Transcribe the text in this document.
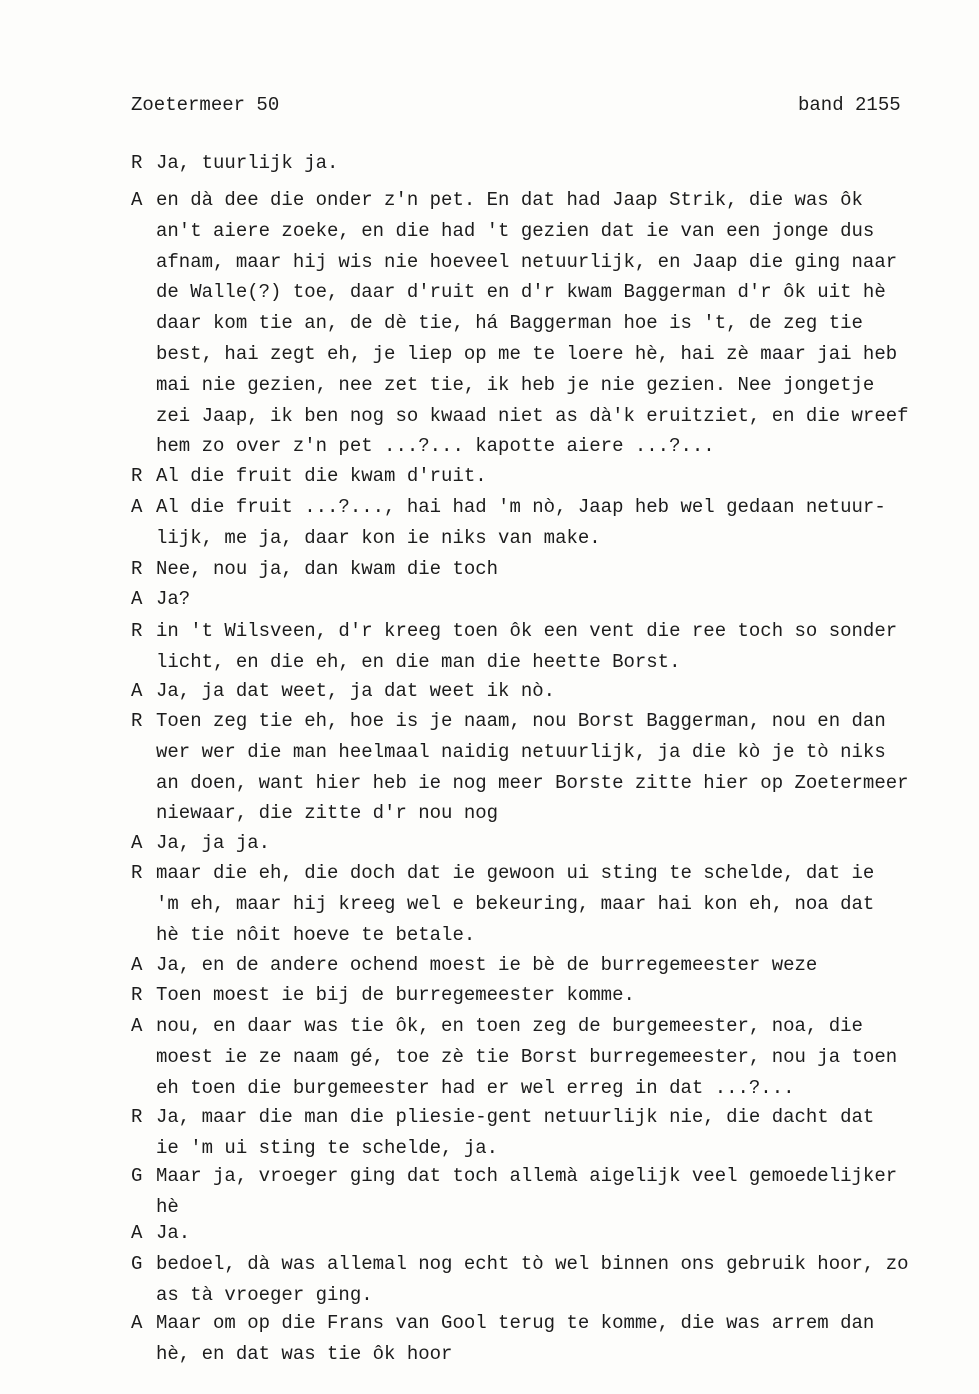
Zoetermeer 50	band 2155
R Ja, tuurlijk ja.
A en dà dee die onder z'n pet. En dat had Jaap Strik, die was ôk
an't aiere zoeke, en die had 't gezien dat ie van een jonge dus
afnam, maar hij wis nie hoeveel netuurlijk, en Jaap die ging naar
de Walle(?) toe, daar d'ruit en d'r kwam Baggerman d'r ôk uit hè
daar kom tie an, de dè tie, há Baggerman hoe is 't, de zeg tie
best, hai zegt eh, je liep op me te loere hè, hai zè maar jai heb
mai nie gezien, nee zet tie, ik heb je nie gezien. Nee jongetje
zei Jaap, ik ben nog so kwaad niet as dà'k eruitziet, en die wreef
hem zo over z'n pet ...?... kapotte aiere ...?...
R Al die fruit die kwam d'ruit.
A Al die fruit ...?..., hai had 'm nò, Jaap heb wel gedaan netuur-
lijk, me ja, daar kon ie niks van make.
R Nee, nou ja, dan kwam die toch
A Ja?
R in 't Wilsveen, d'r kreeg toen ôk een vent die ree toch so sonder
licht, en die eh, en die man die heette Borst.
A Ja, ja dat weet, ja dat weet ik nò.
R Toen zeg tie eh, hoe is je naam, nou Borst Baggerman, nou en dan
wer wer die man heelmaal naidig netuurlijk, ja die kò je tò niks
an doen, want hier heb ie nog meer Borste zitte hier op Zoetermeer
niewaar, die zitte d'r nou nog
A Ja, ja ja.
R maar die eh, die doch dat ie gewoon ui sting te schelde, dat ie
'm eh, maar hij kreeg wel e bekeuring, maar hai kon eh, noa dat
hè tie nôit hoeve te betale.
A Ja, en de andere ochend moest ie bè de burregemeester weze
R Toen moest ie bij de burregemeester komme.
A nou, en daar was tie ôk, en toen zeg de burgemeester, noa, die
moest ie ze naam gé, toe zè tie Borst burregemeester, nou ja toen
eh toen die burgemeester had er wel erreg in dat ...?...
R Ja, maar die man die pliesie-gent netuurlijk nie, die dacht dat
ie 'm ui sting te schelde, ja.
G Maar ja, vroeger ging dat toch allemà aigelijk veel gemoedelijker
hè
A Ja.
G bedoel, dà was allemal nog echt tò wel binnen ons gebruik hoor, zo
as tà vroeger ging.
A Maar om op die Frans van Gool terug te komme, die was arrem dan
hè, en dat was tie ôk hoor
